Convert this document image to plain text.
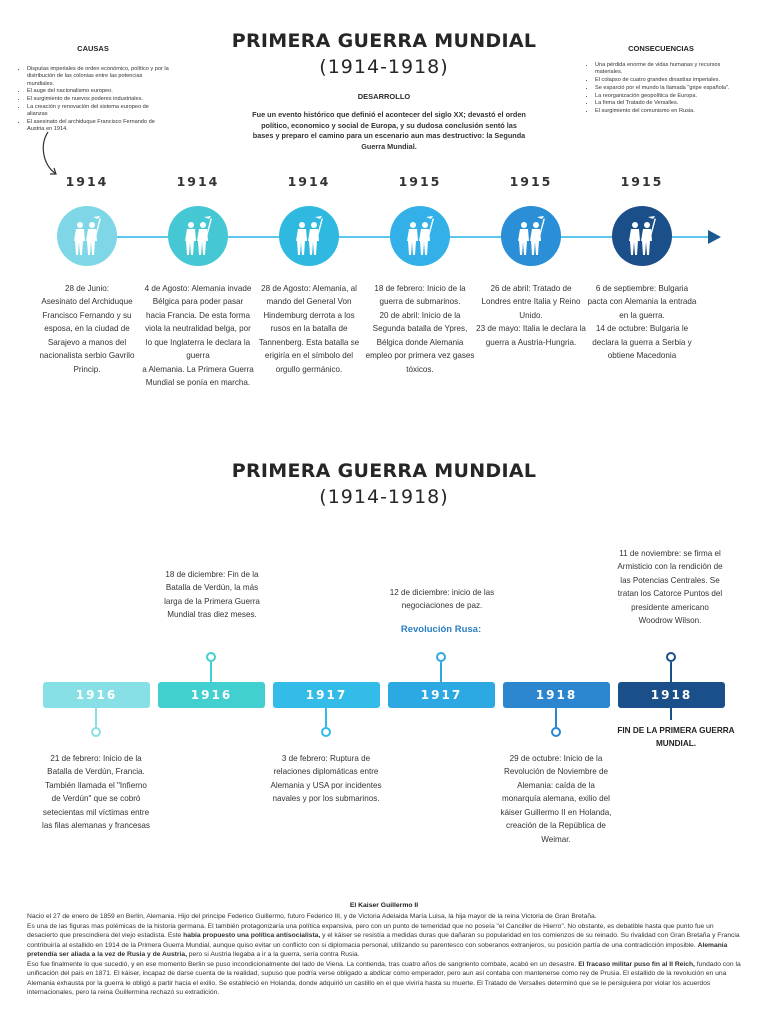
PRIMERA GUERRA MUNDIAL
(1914-1918)
CAUSAS
• Disputas imperiales de orden económico, político y por la distribución de las colonias entre las potencias mundiales.
• El auge del nacionalismo europeo.
• El surgimiento de nuevos poderes industriales.
• La creación y renovación del sistema europeo de alianzas
• El asesinato del archiduque Francisco Fernando de Austria en 1914.
CONSECUENCIAS
• Una pérdida enorme de vidas humanas y recursos materiales.
• El colapso de cuatro grandes dinastías imperiales.
• Se esparció por el mundo la llamada "gripe española".
• La reorganización geopolítica de Europa.
• La firma del Tratado de Versalles.
• El surgimiento del comunismo en Rusia.
DESARROLLO
Fue un evento histórico que definió el acontecer del siglo XX; devastó el orden político, economico y social de Europa, y su dudosa conclusión sentó las bases y preparo el camino para un escenario aun mas destructivo: la Segunda Guerra Mundial.
1914	1914	1914	1915	1915	1915
28 de Junio:
Asesinato del Archiduque Francisco Fernando y su esposa, en la ciudad de Sarajevo a manos del nacionalista serbio Gavrilo Princip.
4 de Agosto: Alemania invade Bélgica para poder pasar hacia Francia. De esta forma viola la neutralidad belga, por lo que Inglaterra le declara la guerra
a Alemania. La Primera Guerra Mundial se ponía en marcha.
28 de Agosto: Alemania, al mando del General Von Hindemburg derrota a los rusos en la batalla de Tannenberg. Esta batalla se erigiría en el símbolo del orgullo germánico.
18 de febrero: Inicio de la guerra de submarinos.
20 de abril: Inicio de la Segunda batalla de Ypres, Bélgica donde Alemania empleo por primera vez gases tóxicos.
26 de abril: Tratado de Londres entre Italia y Reino Unido.
23 de mayo: Italia le declara la guerra a Austria-Hungria.
6 de septiembre: Bulgaria pacta con Alemania la entrada en la guerra.
14 de octubre: Bulgaria le declara la guerra a Serbia y obtiene Macedonia
PRIMERA GUERRA MUNDIAL
(1914-1918)
18 de diciembre: Fin de la Batalla de Verdún, la más larga de la Primera Guerra Mundial tras diez meses.
12 de diciembre: inicio de las negociaciones de paz.
Revolución Rusa:
11 de noviembre: se firma el Armisticio con la rendición de las Potencias Centrales. Se tratan los Catorce Puntos del presidente americano Woodrow Wilson.
1916	1916	1917	1917	1918	1918
21 de febrero: Inicio de la Batalla de Verdún, Francia. También llamada el "Infierno de Verdún" que se cobró setecientas mil víctimas entre las filas alemanas y francesas
3 de febrero: Ruptura de relaciones diplomáticas entre Alemania y USA por incidentes navales y por los submarinos.
29 de octubre: Inicio de la Revolución de Noviembre de Alemania: caída de la monarquía alemana, exilio del káiser Guillermo II en Holanda, creación de la República de Weimar.
FIN DE LA PRIMERA GUERRA MUNDIAL.
El Kaiser Guillermo II

Nacio el 27 de enero de 1859 en Berlin, Alemania. Hijo del principe Federico Guillermo, futuro Federico III, y de Victoria Adelaida María Luisa, la hija mayor de la reina Victoria de Gran Bretaña.

Es una de las figuras mas polémicas de la historia germana. El también protagonizaría una política expansiva, pero con un punto de temeridad que no poseía "el Canciller de Hierro". No obstante, es debatible hasta que punto fue un desacierto que prescindiera del viejo estadista. Este habia propuesto una política antisocialista, y el káiser se resistía a medidas duras que dañaran su popularidad en los comienzos de su reinado. Su rivalidad con Gran Bretaña y Francia contribuiría al estallido en 1914 de la Primera Guerra Mundial, aunque quiso evitar un conflicto con si diplomacia personal, utilizando su parentesco con soberanos extranjeros, su posición partía de una contradicción imposible. Alemania pretendía ser aliada a la vez de Rusia y de Austria, pero si Austria llegaba a ir a la guerra, sería contra Rusia.

Eso fue finalmente lo que sucedió, y en ese momento Berlin se puso incondicionalmente del lado de Viena. La contienda, tras cuatro años de sangriento combate, acabó en un desastre. El fracaso militar puso fin al II Reich, fundado con la unificación del país en 1871. El káiser, incapaz de darse cuenta de la realidad, supuso que podría verse obligado a abdicar como emperador, pero aun así contaba con mantenerse como rey de Prusia. El estallido de la revolución en una Alemania exhausta por la guerra le obligó a partir hacia el exilio. Se estableció en Holanda, donde adquirió un castillo en el que viviría hasta su muerte. El Tratado de Versalles determinó que se le persiguiera por violar los acuerdos internacionales, pero la reina Guillermina rechazó su extradición.
